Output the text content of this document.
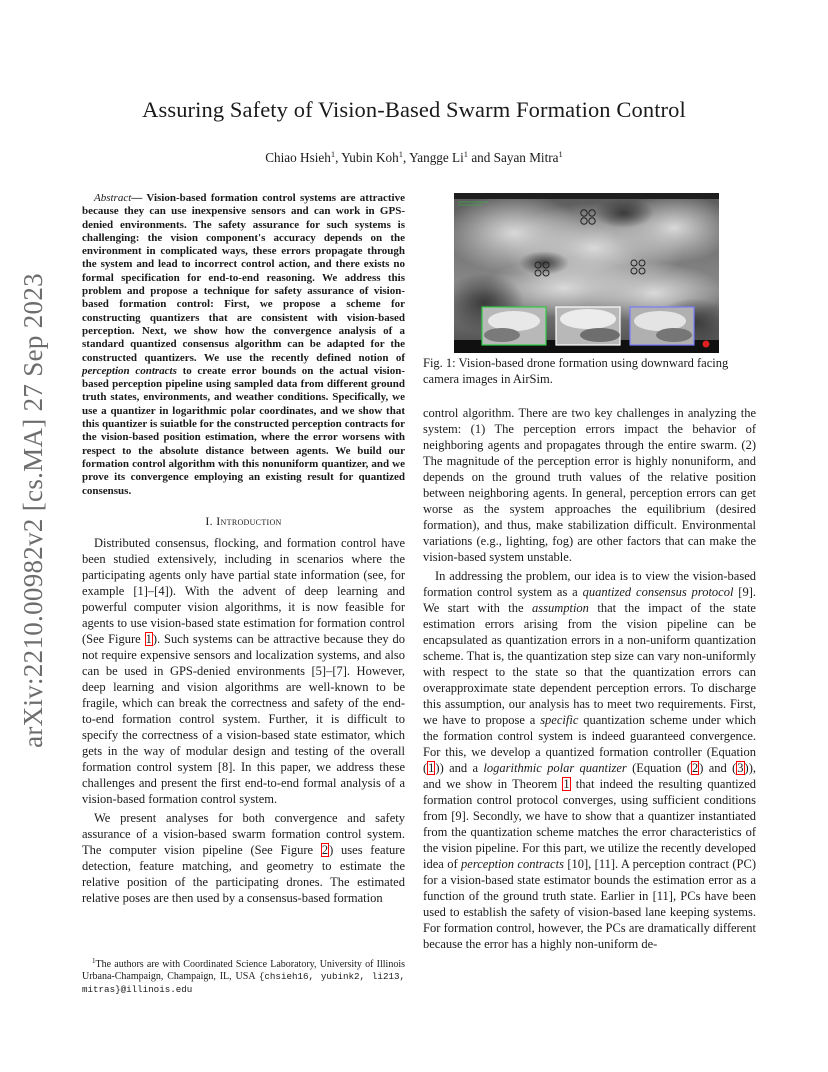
Assuring Safety of Vision-Based Swarm Formation Control
Chiao Hsieh$^1$, Yubin Koh$^1$, Yangge Li$^1$ and Sayan Mitra$^1$
arXiv:2210.00982v2 [cs.MA] 27 Sep 2023

Abstract— Vision-based formation control systems are attractive because they can use inexpensive sensors and can work in GPS-denied environments. The safety assurance for such systems is challenging: the vision component's accuracy depends on the environment in complicated ways, these errors propagate through the system and lead to incorrect control action, and there exists no formal specification for end-to-end reasoning. We address this problem and propose a technique for safety assurance of vision-based formation control: First, we propose a scheme for constructing quantizers that are consistent with vision-based perception. Next, we show how the convergence analysis of a standard quantized consensus algorithm can be adapted for the constructed quantizers. We use the recently defined notion of perception contracts to create error bounds on the actual vision-based perception pipeline using sampled data from different ground truth states, environments, and weather conditions. Specifically, we use a quantizer in logarithmic polar coordinates, and we show that this quantizer is suiatble for the constructed perception contracts for the vision-based position estimation, where the error worsens with respect to the absolute distance between agents. We build our formation control algorithm with this nonuniform quantizer, and we prove its convergence employing an existing result for quantized consensus.

I. Introduction

Distributed consensus, flocking, and formation control have been studied extensively, including in scenarios where the participating agents only have partial state information (see, for example [1]–[4]). With the advent of deep learning and powerful computer vision algorithms, it is now feasible for agents to use vision-based state estimation for formation control (See Figure 1). Such systems can be attractive because they do not require expensive sensors and localization systems, and also can be used in GPS-denied environments [5]–[7]. However, deep learning and vision algorithms are well-known to be fragile, which can break the correctness and safety of the end-to-end formation control system. Further, it is difficult to specify the correctness of a vision-based state estimator, which gets in the way of modular design and testing of the overall formation control system [8]. In this paper, we address these challenges and present the first end-to-end formal analysis of a vision-based formation control system.

We present analyses for both convergence and safety assurance of a vision-based swarm formation control system. The computer vision pipeline (See Figure 2) uses feature detection, feature matching, and geometry to estimate the relative position of the participating drones. The estimated relative poses are then used by a consensus-based formation

$^1$The authors are with Coordinated Science Laboratory, University of Illinois Urbana-Champaign, Champaign, IL, USA {chsieh16, yubink2, li213, mitras}@illinois.edu

Fig. 1: Vision-based drone formation using downward facing camera images in AirSim.

control algorithm. There are two key challenges in analyzing the system: (1) The perception errors impact the behavior of neighboring agents and propagates through the entire swarm. (2) The magnitude of the perception error is highly nonuniform, and depends on the ground truth values of the relative position between neighboring agents. In general, perception errors can get worse as the system approaches the equilibrium (desired formation), and thus, make stabilization difficult. Environmental variations (e.g., lighting, fog) are other factors that can make the vision-based system unstable.

In addressing the problem, our idea is to view the vision-based formation control system as a quantized consensus protocol [9]. We start with the assumption that the impact of the state estimation errors arising from the vision pipeline can be encapsulated as quantization errors in a non-uniform quantization scheme. That is, the quantization step size can vary non-uniformly with respect to the state so that the quantization errors can overapproximate state dependent perception errors. To discharge this assumption, our analysis has to meet two requirements. First, we have to propose a specific quantization scheme under which the formation control system is indeed guaranteed convergence. For this, we develop a quantized formation controller (Equation (1)) and a logarithmic polar quantizer (Equation (2) and (3)), and we show in Theorem 1 that indeed the resulting quantized formation control protocol converges, using sufficient conditions from [9]. Secondly, we have to show that a quantizer instantiated from the quantization scheme matches the error characteristics of the vision pipeline. For this part, we utilize the recently developed idea of perception contracts [10], [11]. A perception contract (PC) for a vision-based state estimator bounds the estimation error as a function of the ground truth state. Earlier in [11], PCs have been used to establish the safety of vision-based lane keeping systems. For formation control, however, the PCs are dramatically different because the error has a highly non-uniform de-
